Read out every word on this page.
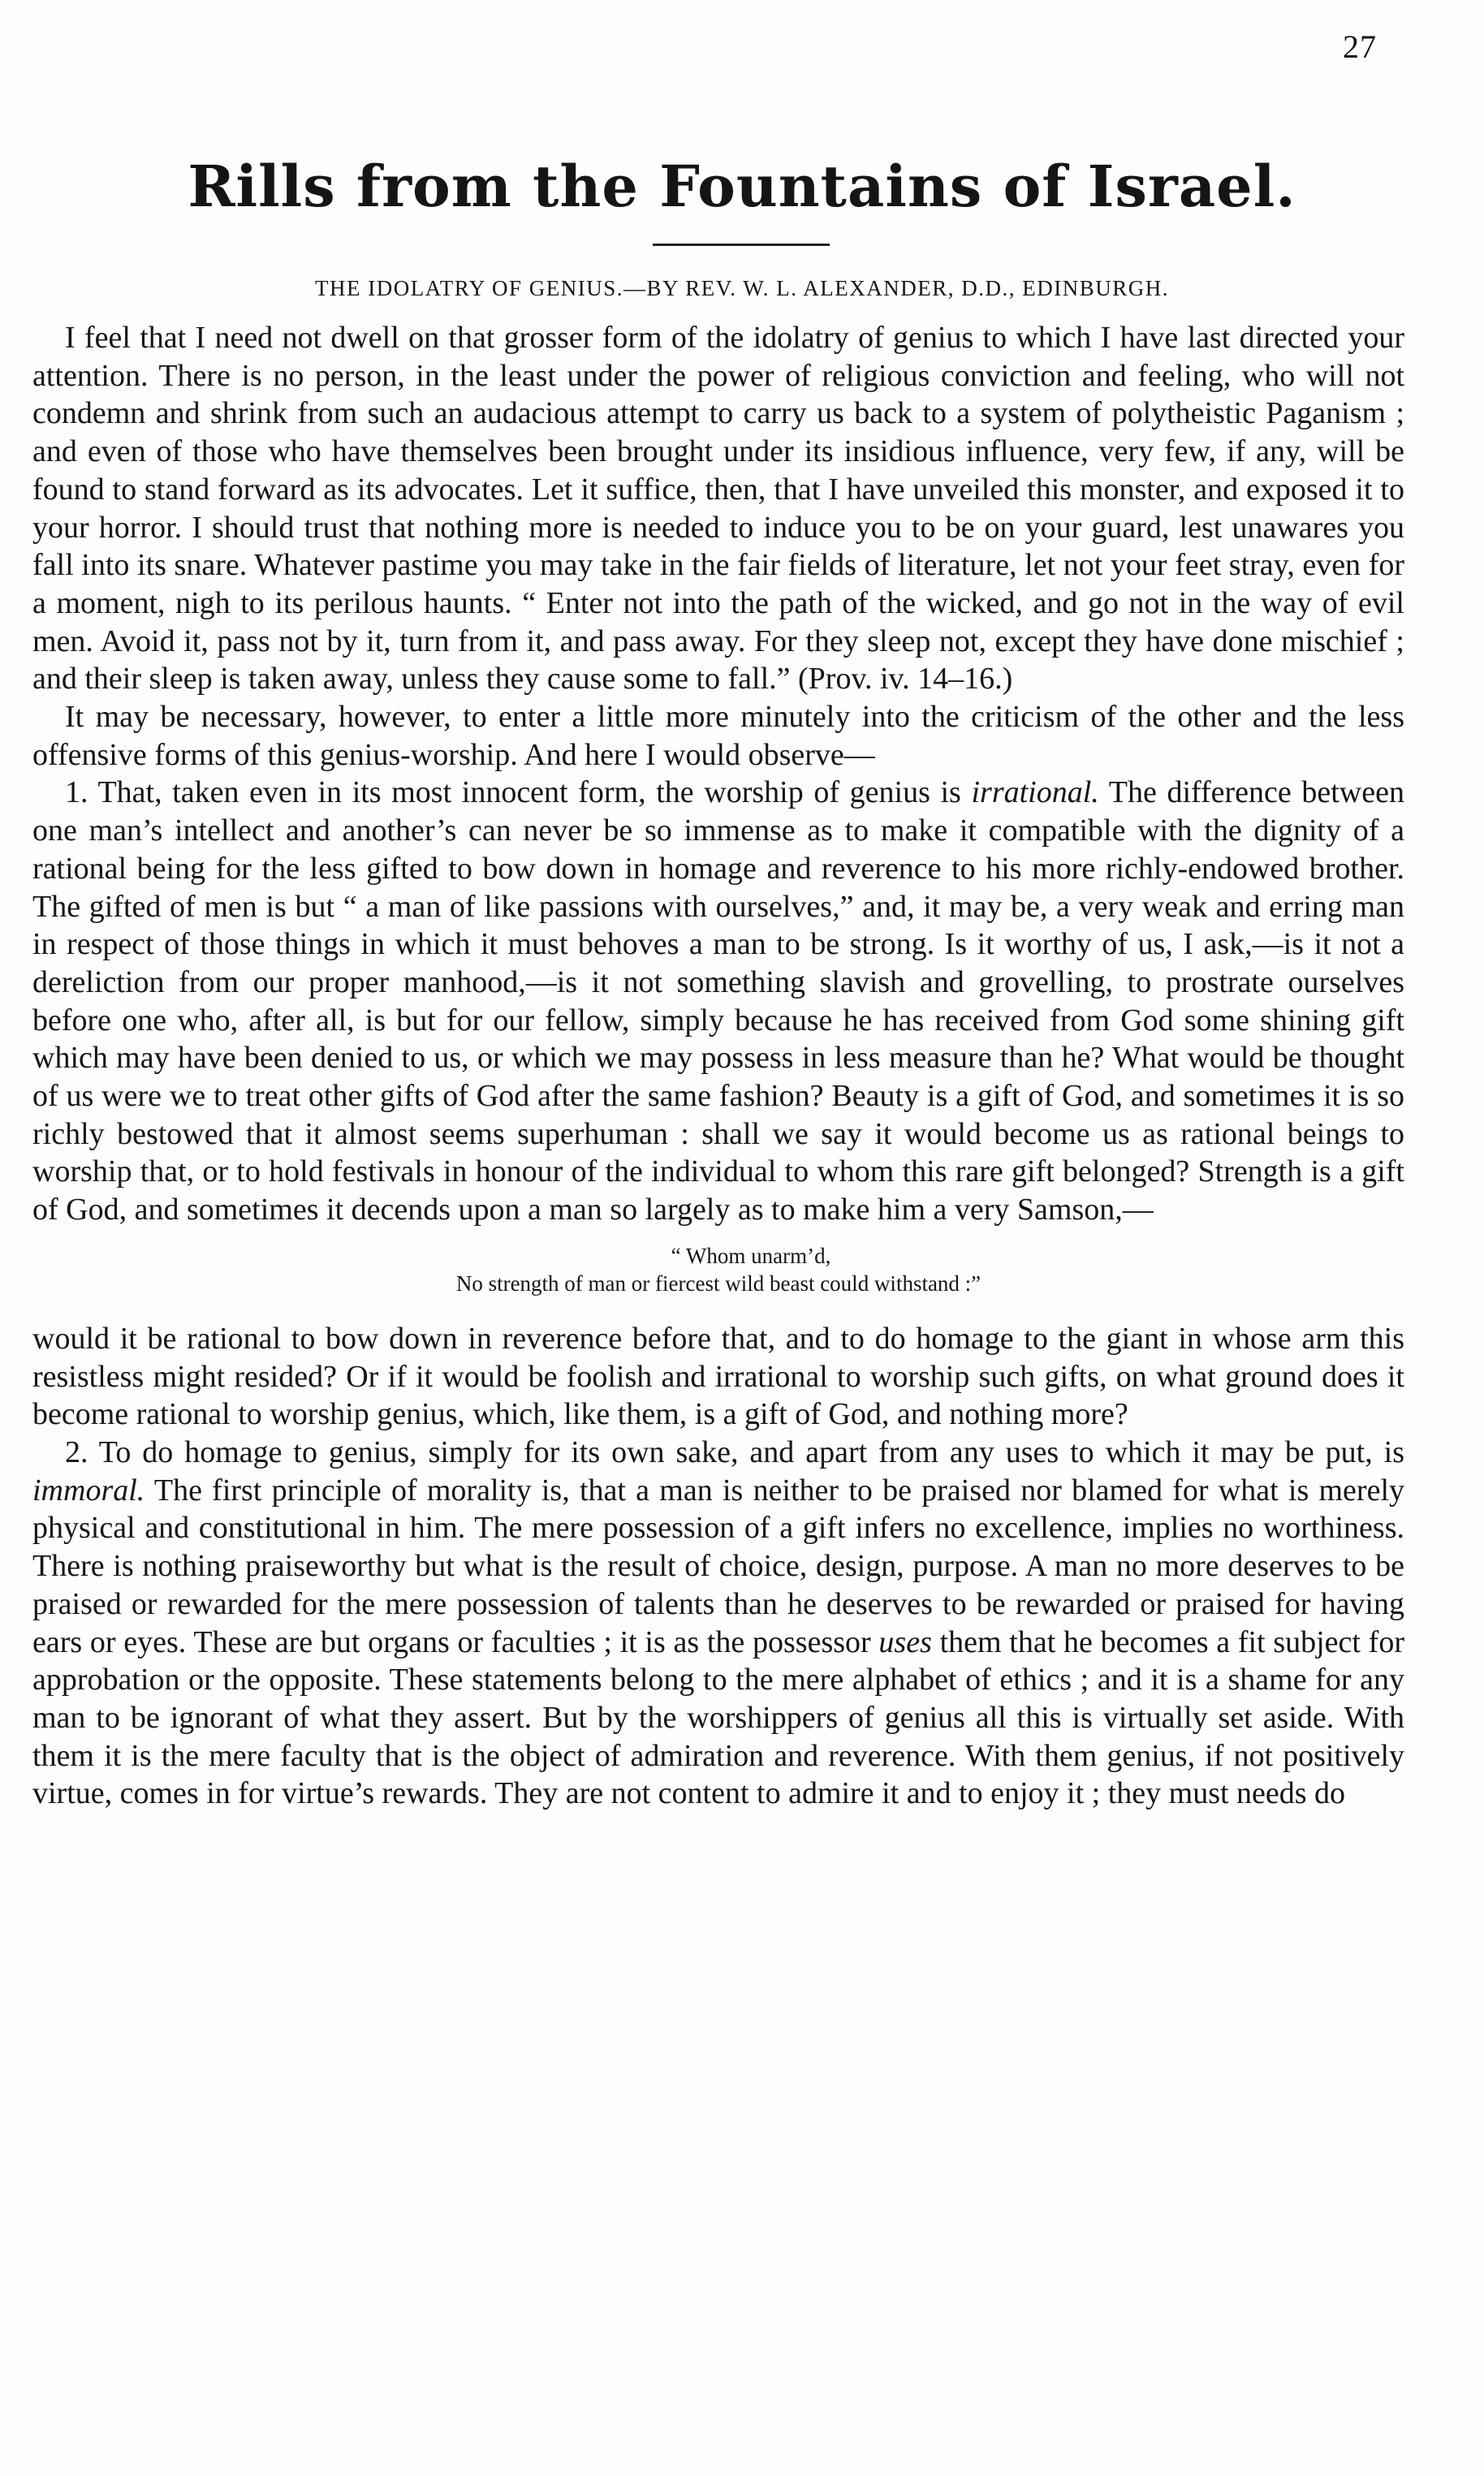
27
Rills from the Fountains of Israel.
THE IDOLATRY OF GENIUS.—BY REV. W. L. ALEXANDER, D.D., EDINBURGH.

I feel that I need not dwell on that grosser form of the idolatry of genius to which I have last directed your attention. There is no person, in the least under the power of religious conviction and feeling, who will not condemn and shrink from such an audacious attempt to carry us back to a system of polytheistic Paganism ; and even of those who have themselves been brought under its insidious influence, very few, if any, will be found to stand forward as its advocates. Let it suffice, then, that I have unveiled this monster, and exposed it to your horror. I should trust that nothing more is needed to induce you to be on your guard, lest unawares you fall into its snare. Whatever pastime you may take in the fair fields of literature, let not your feet stray, even for a moment, nigh to its perilous haunts. “ Enter not into the path of the wicked, and go not in the way of evil men. Avoid it, pass not by it, turn from it, and pass away. For they sleep not, except they have done mischief ; and their sleep is taken away, unless they cause some to fall.” (Prov. iv. 14–16.)

It may be necessary, however, to enter a little more minutely into the criticism of the other and the less offensive forms of this genius-worship. And here I would observe—

1. That, taken even in its most innocent form, the worship of genius is irrational. The difference between one man’s intellect and another’s can never be so immense as to make it compatible with the dignity of a rational being for the less gifted to bow down in homage and reverence to his more richly-endowed brother. The gifted of men is but “ a man of like passions with ourselves,” and, it may be, a very weak and erring man in respect of those things in which it must behoves a man to be strong. Is it worthy of us, I ask,—is it not a dereliction from our proper manhood,—is it not something slavish and grovelling, to prostrate ourselves before one who, after all, is but for our fellow, simply because he has received from God some shining gift which may have been denied to us, or which we may possess in less measure than he? What would be thought of us were we to treat other gifts of God after the same fashion? Beauty is a gift of God, and sometimes it is so richly bestowed that it almost seems superhuman : shall we say it would become us as rational beings to worship that, or to hold festivals in honour of the individual to whom this rare gift belonged? Strength is a gift of God, and sometimes it decends upon a man so largely as to make him a very Samson,—

“ Whom unarm’d,
No strength of man or fiercest wild beast could withstand :”

would it be rational to bow down in reverence before that, and to do homage to the giant in whose arm this resistless might resided? Or if it would be foolish and irrational to worship such gifts, on what ground does it become rational to worship genius, which, like them, is a gift of God, and nothing more?

2. To do homage to genius, simply for its own sake, and apart from any uses to which it may be put, is immoral. The first principle of morality is, that a man is neither to be praised nor blamed for what is merely physical and constitutional in him. The mere possession of a gift infers no excellence, implies no worthiness. There is nothing praiseworthy but what is the result of choice, design, purpose. A man no more deserves to be praised or rewarded for the mere possession of talents than he deserves to be rewarded or praised for having ears or eyes. These are but organs or faculties ; it is as the possessor uses them that he becomes a fit subject for approbation or the opposite. These statements belong to the mere alphabet of ethics ; and it is a shame for any man to be ignorant of what they assert. But by the worshippers of genius all this is virtually set aside. With them it is the mere faculty that is the object of admiration and reverence. With them genius, if not positively virtue, comes in for virtue’s rewards. They are not content to admire it and to enjoy it ; they must needs do
